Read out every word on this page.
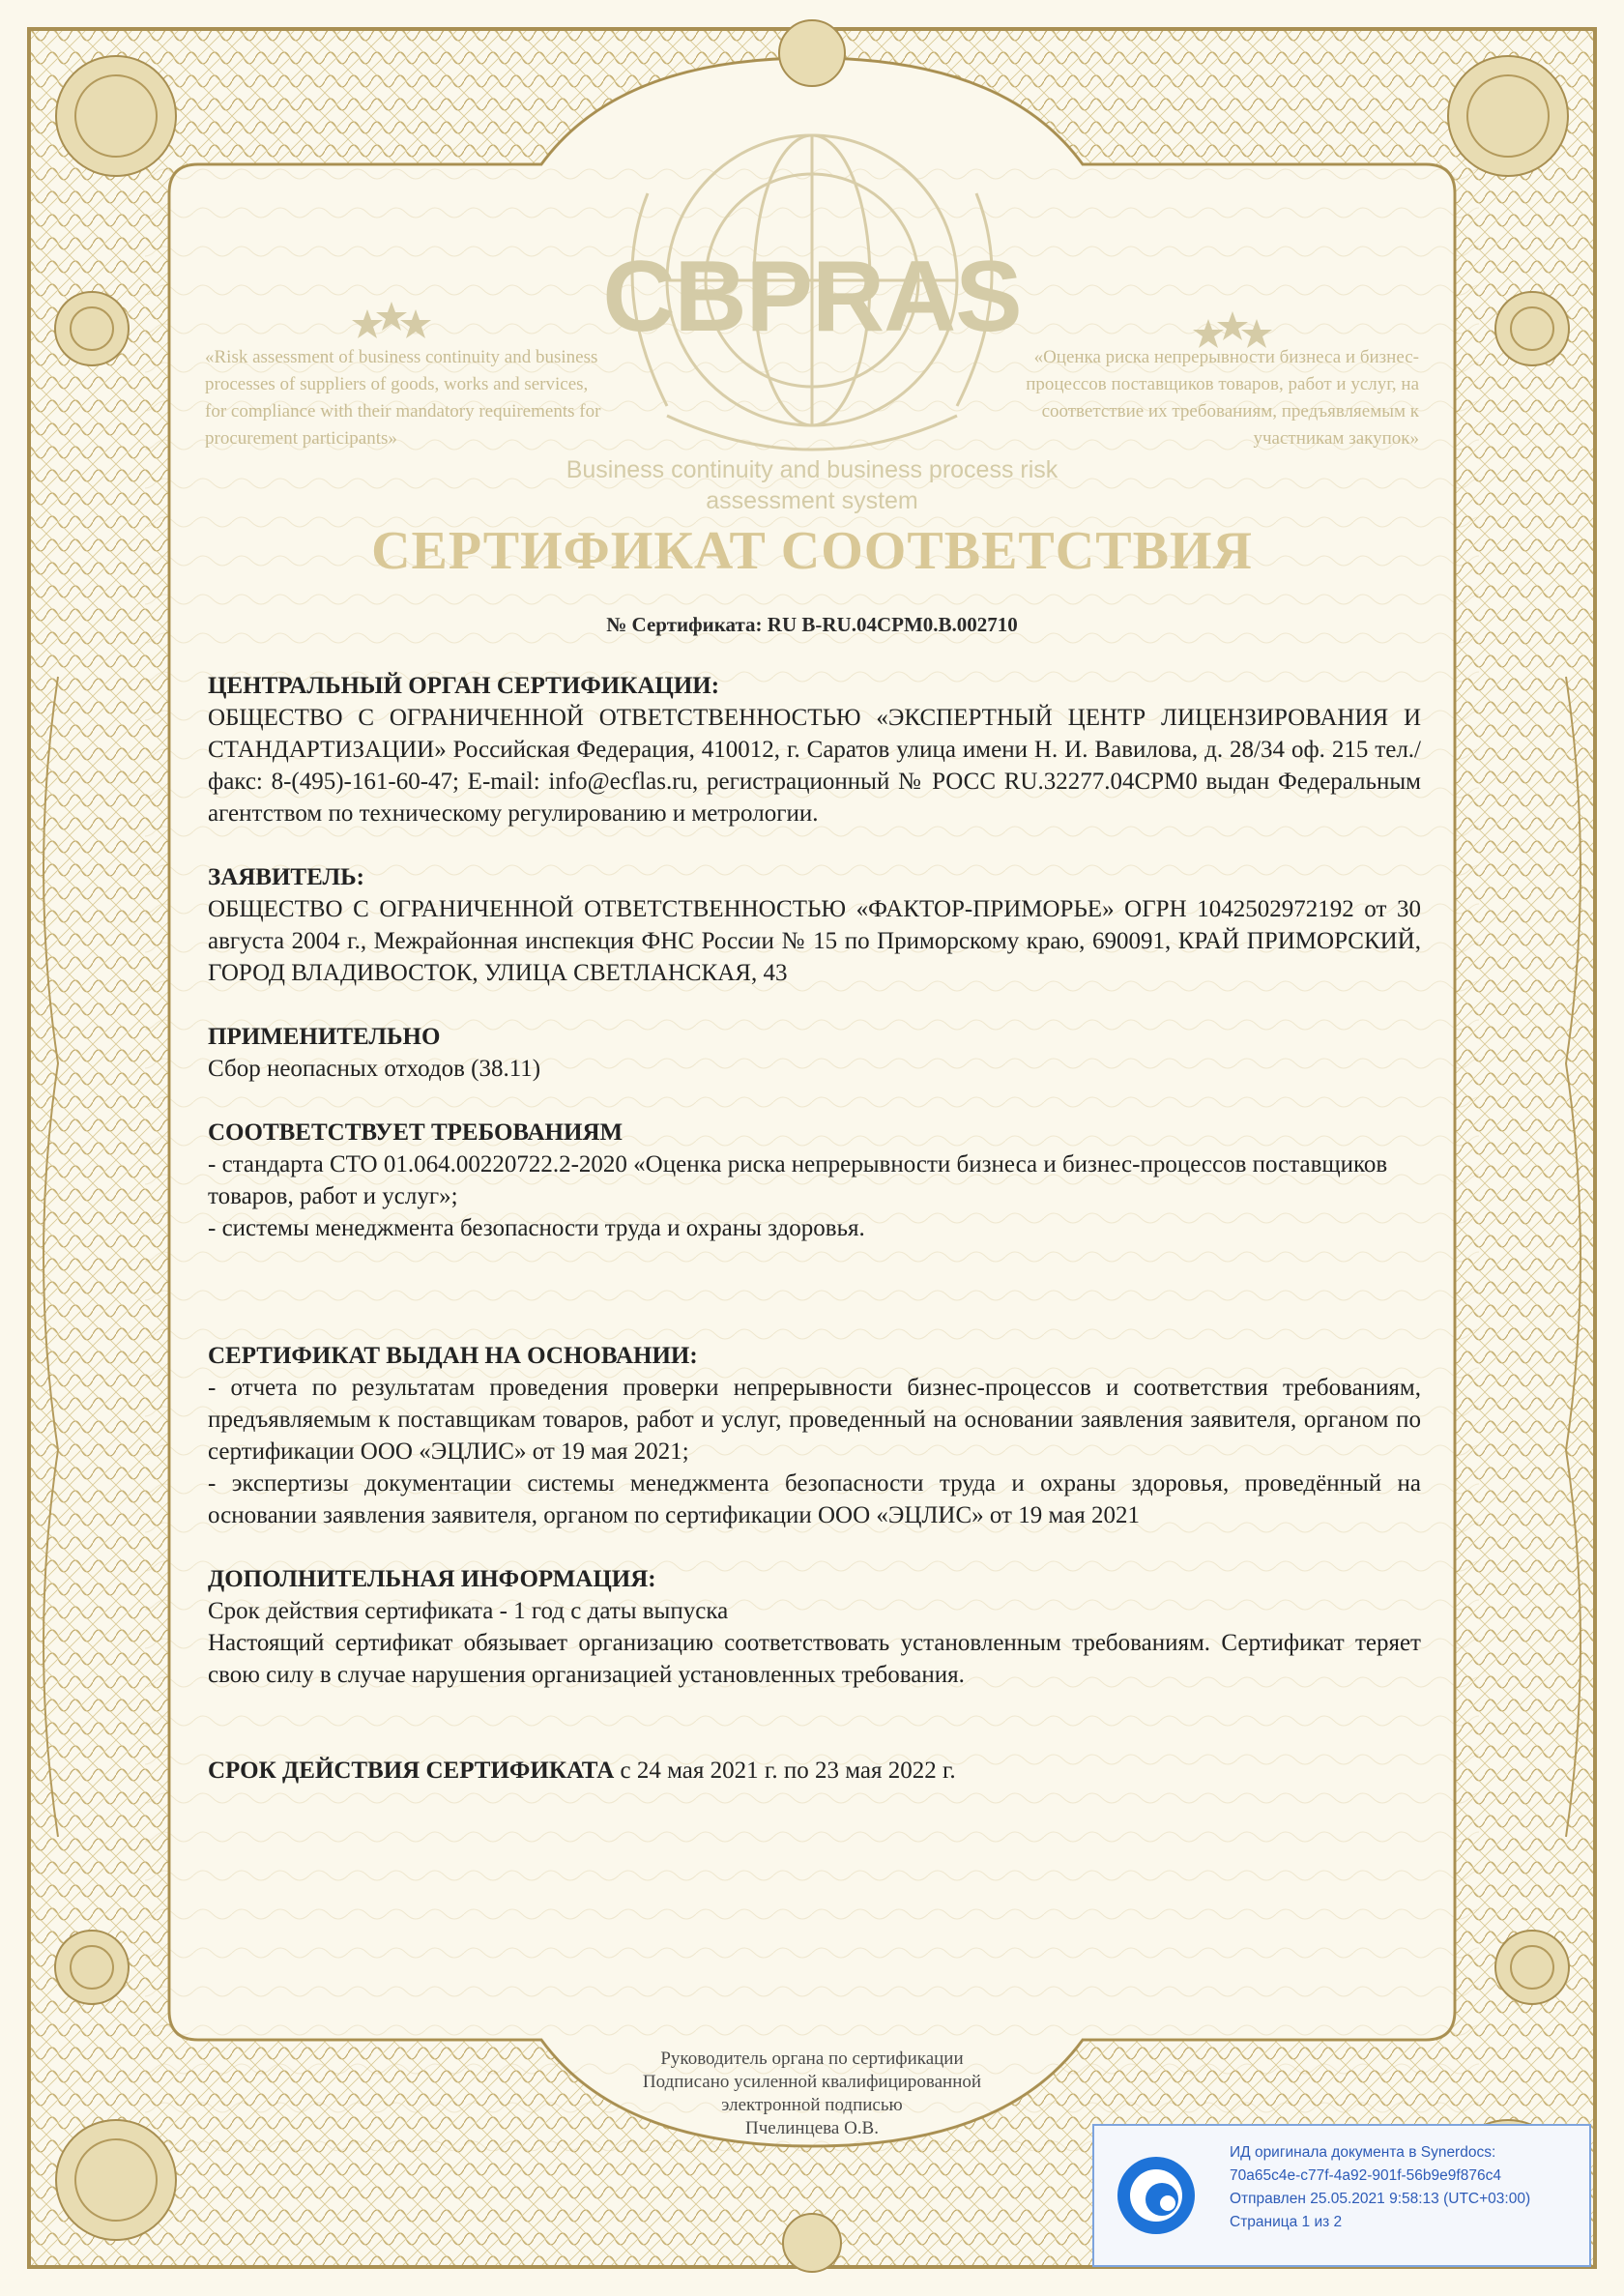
«Risk assessment of business continuity and business processes of suppliers of goods, works and services, for compliance with their mandatory requirements for procurement participants»
«Оценка риска непрерывности бизнеса и бизнес-процессов поставщиков товаров, работ и услуг, на соответствие их требованиям, предъявляемым к участникам закупок»
CBPRAS
Business continuity and business process risk assessment system
СЕРТИФИКАТ СООТВЕТСТВИЯ
№ Сертификата: RU B-RU.04CPM0.B.002710
ЦЕНТРАЛЬНЫЙ ОРГАН СЕРТИФИКАЦИИ:
ОБЩЕСТВО С ОГРАНИЧЕННОЙ ОТВЕТСТВЕННОСТЬЮ «ЭКСПЕРТНЫЙ ЦЕНТР ЛИЦЕНЗИРОВАНИЯ И СТАНДАРТИЗАЦИИ» Российская Федерация, 410012, г. Саратов улица имени Н. И. Вавилова, д. 28/34 оф. 215 тел./факс: 8-(495)-161-60-47; E-mail: info@ecflas.ru, регистрационный № РОСС RU.32277.04СРМ0 выдан Федеральным агентством по техническому регулированию и метрологии.
ЗАЯВИТЕЛЬ:
ОБЩЕСТВО С ОГРАНИЧЕННОЙ ОТВЕТСТВЕННОСТЬЮ «ФАКТОР-ПРИМОРЬЕ» ОГРН 1042502972192 от 30 августа 2004 г., Межрайонная инспекция ФНС России № 15 по Приморскому краю, 690091, КРАЙ ПРИМОРСКИЙ, ГОРОД ВЛАДИВОСТОК, УЛИЦА СВЕТЛАНСКАЯ, 43
ПРИМЕНИТЕЛЬНО
Сбор неопасных отходов (38.11)
СООТВЕТСТВУЕТ ТРЕБОВАНИЯМ
- стандарта СТО 01.064.00220722.2-2020 «Оценка риска непрерывности бизнеса и бизнес-процессов поставщиков товаров, работ и услуг»;
- системы менеджмента безопасности труда и охраны здоровья.
СЕРТИФИКАТ ВЫДАН НА ОСНОВАНИИ:
- отчета по результатам проведения проверки непрерывности бизнес-процессов и соответствия требованиям, предъявляемым к поставщикам товаров, работ и услуг, проведенный на основании заявления заявителя, органом по сертификации ООО «ЭЦЛИС» от 19 мая 2021;
- экспертизы документации системы менеджмента безопасности труда и охраны здоровья, проведённый на основании заявления заявителя, органом по сертификации ООО «ЭЦЛИС» от 19 мая 2021
ДОПОЛНИТЕЛЬНАЯ ИНФОРМАЦИЯ:
Срок действия сертификата - 1 год с даты выпуска
Настоящий сертификат обязывает организацию соответствовать установленным требованиям. Сертификат теряет свою силу в случае нарушения организацией установленных требования.
СРОК ДЕЙСТВИЯ СЕРТИФИКАТА с 24 мая 2021 г. по 23 мая 2022 г.
Руководитель органа по сертификации
Подписано усиленной квалифицированной
электронной подписью
Пчелинцева О.В.
ИД оригинала документа в Synerdocs:
70a65c4e-c77f-4a92-901f-56b9e9f876c4
Отправлен 25.05.2021 9:58:13 (UTC+03:00)
Страница 1 из 2
